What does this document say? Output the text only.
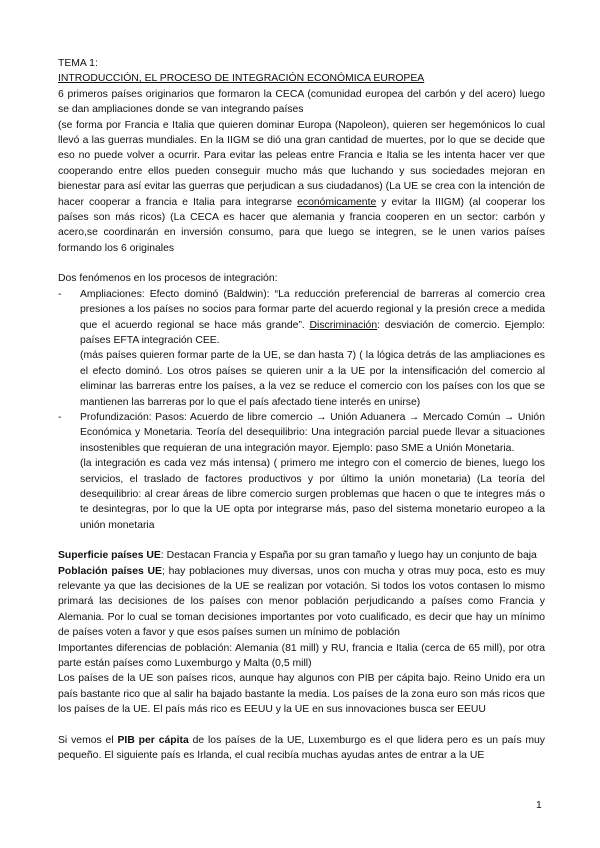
TEMA 1:

INTRODUCCIÓN, EL PROCESO DE INTEGRACIÓN ECONÓMICA EUROPEA

6 primeros países originarios que formaron la CECA (comunidad europea del carbón y del acero) luego se dan ampliaciones donde se van integrando países

(se forma por Francia e Italia que quieren dominar Europa (Napoleon), quieren ser hegemónicos lo cual llevó a las guerras mundiales. En la IIGM se dió una gran cantidad de muertes, por lo que se decide que eso no puede volver a ocurrir. Para evitar las peleas entre Francia e Italia se les intenta hacer ver que cooperando entre ellos pueden conseguir mucho más que luchando y sus sociedades mejoran en bienestar para así evitar las guerras que perjudican a sus ciudadanos) (La UE se crea con la intención de hacer cooperar a francia e Italia para integrarse económicamente y evitar la IIIGM) (al cooperar los países son más ricos) (La CECA es hacer que alemania y francia cooperen en un sector: carbón y acero,se coordinarán en inversión consumo, para que luego se integren, se le unen varios países formando los 6 originales

Dos fenómenos en los procesos de integración:

- Ampliaciones: Efecto dominó (Baldwin): “La reducción preferencial de barreras al comercio crea presiones a los países no socios para formar parte del acuerdo regional y la presión crece a medida que el acuerdo regional se hace más grande”. Discriminación: desviación de comercio. Ejemplo: países EFTA integración CEE.

(más países quieren formar parte de la UE, se dan hasta 7) ( la lógica detrás de las ampliaciones es el efecto dominó. Los otros países se quieren unir a la UE por la intensificación del comercio al eliminar las barreras entre los países, a la vez se reduce el comercio con los países con los que se mantienen las barreras por lo que el país afectado tiene interés en unirse)

- Profundización: Pasos: Acuerdo de libre comercio → Unión Aduanera → Mercado Común → Unión Económica y Monetaria. Teoría del desequilibrio: Una integración parcial puede llevar a situaciones insostenibles que requieran de una integración mayor. Ejemplo: paso SME a Unión Monetaria.

(la integración es cada vez más intensa) ( primero me integro con el comercio de bienes, luego los servicios, el traslado de factores productivos y por último la unión monetaria) (La teoría del desequilibrio: al crear áreas de libre comercio surgen problemas que hacen o que te integres más o te desintegras, por lo que la UE opta por integrarse más, paso del sistema monetario europeo a la unión monetaria

Superficie países UE: Destacan Francia y España por su gran tamaño y luego hay un conjunto de baja

Población países UE; hay poblaciones muy diversas, unos con mucha y otras muy poca, esto es muy relevante ya que las decisiones de la UE se realizan por votación. Si todos los votos contasen lo mismo primará las decisiones de los países con menor población perjudicando a países como Francia y Alemania. Por lo cual se toman decisiones importantes por voto cualificado, es decir que hay un mínimo de países voten a favor y que esos países sumen un mínimo de población

Importantes diferencias de población: Alemania (81 mill) y RU, francia e Italia (cerca de 65 mill), por otra parte están países como Luxemburgo y Malta (0,5 mill)

Los países de la UE son países ricos, aunque hay algunos con PIB per cápita bajo. Reino Unido era un país bastante rico que al salir ha bajado bastante la media. Los países de la zona euro son más ricos que los países de la UE. El país más rico es EEUU y la UE en sus innovaciones busca ser EEUU

Si vemos el PIB per cápita de los países de la UE, Luxemburgo es el que lidera pero es un país muy pequeño. El siguiente país es Irlanda, el cual recibía muchas ayudas antes de entrar a la UE

1
